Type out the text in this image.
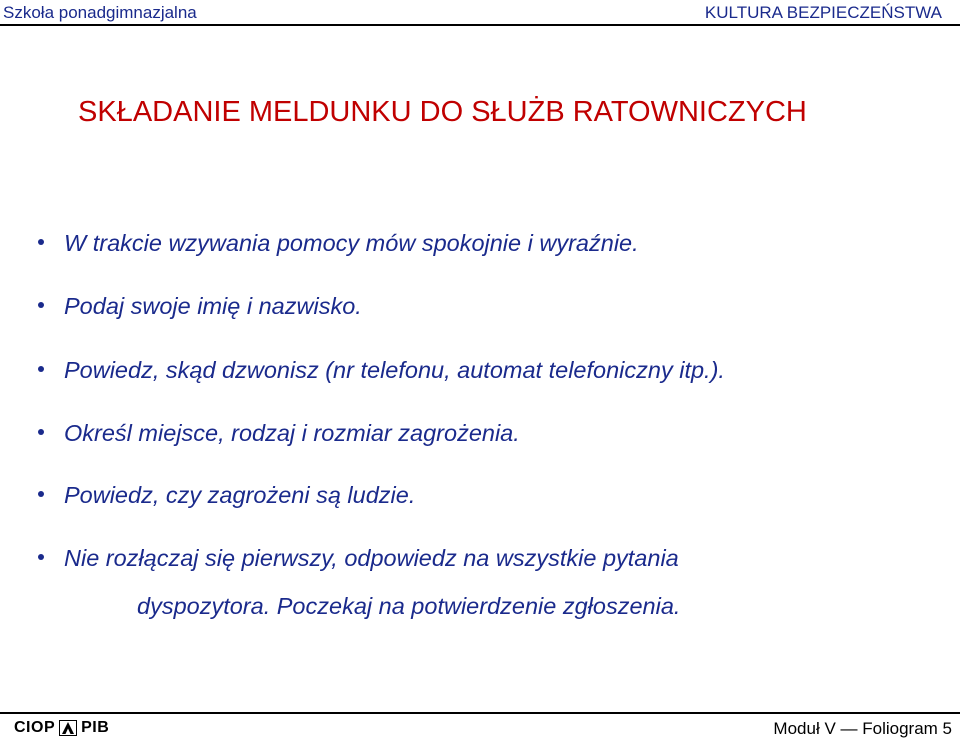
Szkoła ponadgimnazjalna	KULTURA BEZPIECZEŃSTWA
SKŁADANIE MELDUNKU DO SŁUŻB RATOWNICZYCH
W trakcie wzywania pomocy mów spokojnie i wyraźnie.
Podaj swoje imię i nazwisko.
Powiedz, skąd dzwonisz (nr telefonu, automat telefoniczny itp.).
Określ miejsce, rodzaj i rozmiar zagrożenia.
Powiedz, czy zagrożeni są ludzie.
Nie rozłączaj się pierwszy, odpowiedz na wszystkie pytania
dyspozytora. Poczekaj na potwierdzenie zgłoszenia.
CIOP PIB	Moduł V — Foliogram 5
